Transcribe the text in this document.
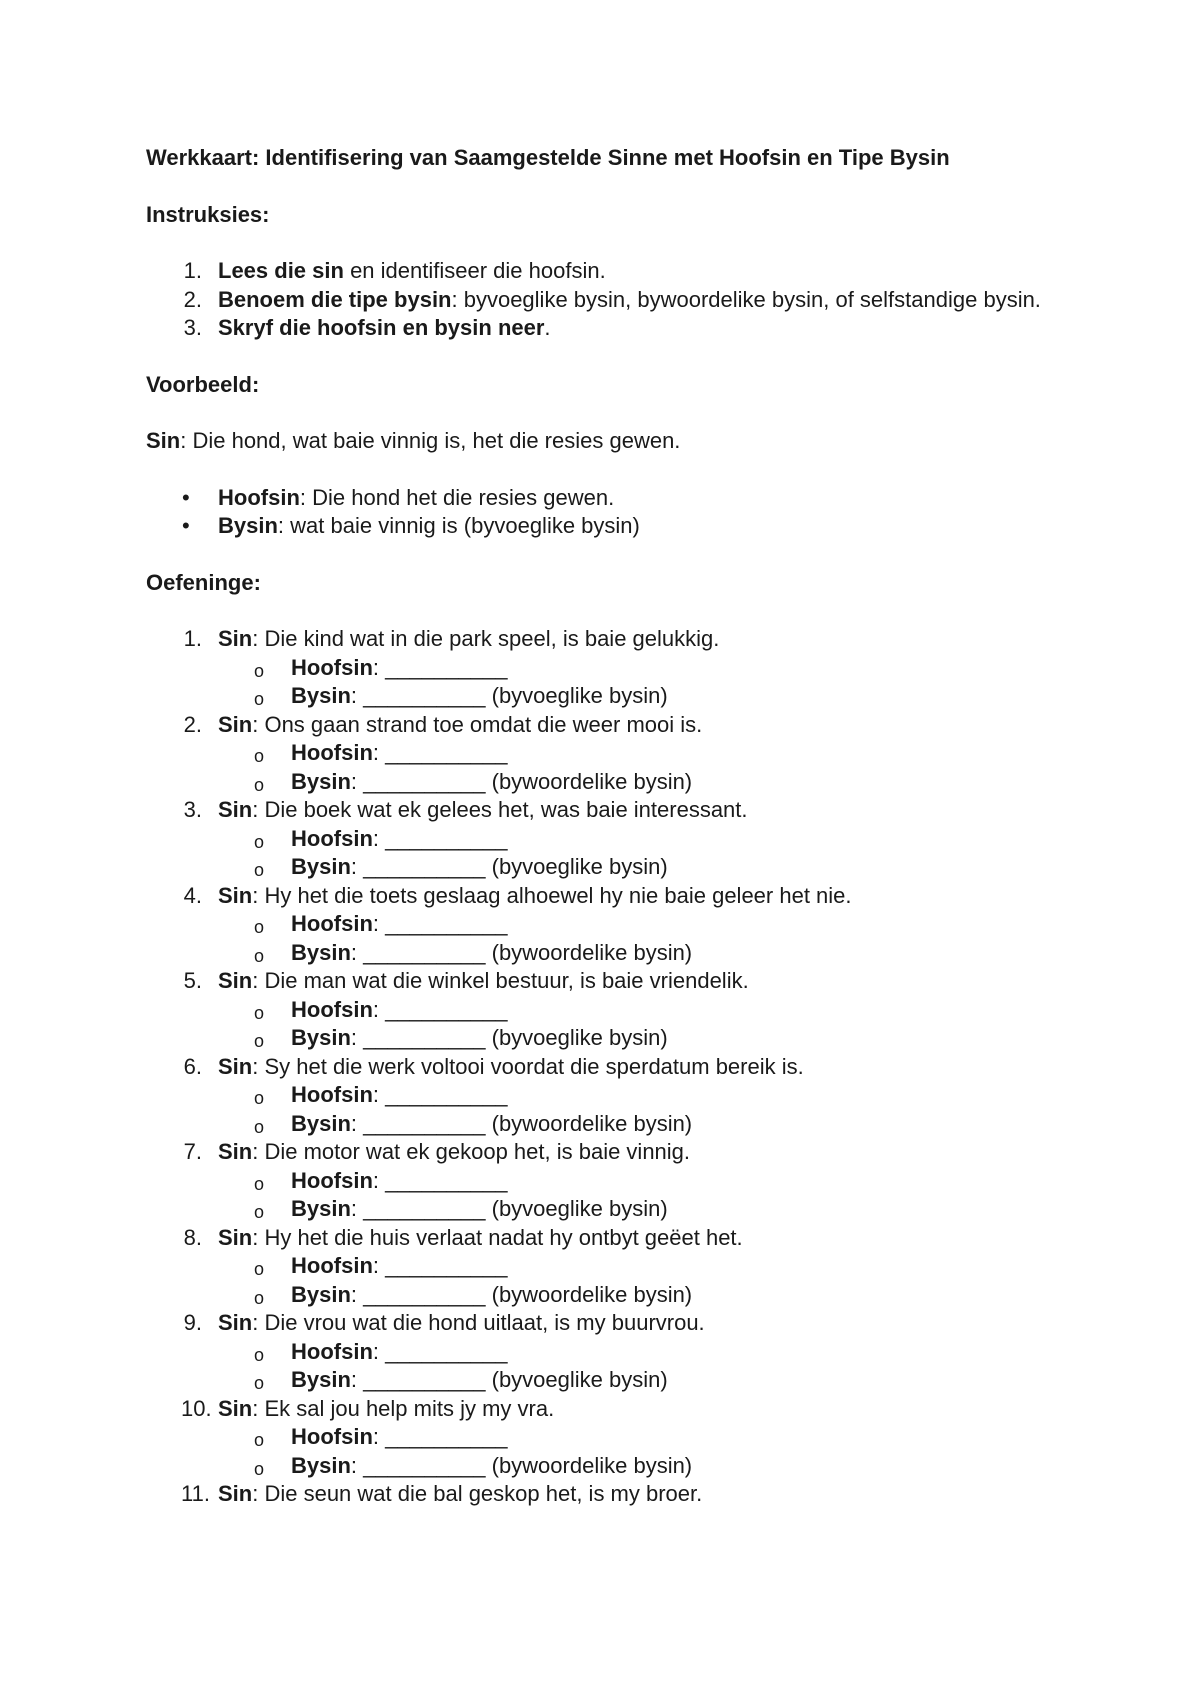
Werkkaart: Identifisering van Saamgestelde Sinne met Hoofsin en Tipe Bysin

Instruksies:

1. Lees die sin en identifiseer die hoofsin.
2. Benoem die tipe bysin: byvoeglike bysin, bywoordelike bysin, of selfstandige bysin.
3. Skryf die hoofsin en bysin neer.

Voorbeeld:

Sin: Die hond, wat baie vinnig is, het die resies gewen.

• Hoofsin: Die hond het die resies gewen.
• Bysin: wat baie vinnig is (byvoeglike bysin)

Oefeninge:

1. Sin: Die kind wat in die park speel, is baie gelukkig.
o Hoofsin: __________
o Bysin: __________ (byvoeglike bysin)
2. Sin: Ons gaan strand toe omdat die weer mooi is.
o Hoofsin: __________
o Bysin: __________ (bywoordelike bysin)
3. Sin: Die boek wat ek gelees het, was baie interessant.
o Hoofsin: __________
o Bysin: __________ (byvoeglike bysin)
4. Sin: Hy het die toets geslaag alhoewel hy nie baie geleer het nie.
o Hoofsin: __________
o Bysin: __________ (bywoordelike bysin)
5. Sin: Die man wat die winkel bestuur, is baie vriendelik.
o Hoofsin: __________
o Bysin: __________ (byvoeglike bysin)
6. Sin: Sy het die werk voltooi voordat die sperdatum bereik is.
o Hoofsin: __________
o Bysin: __________ (bywoordelike bysin)
7. Sin: Die motor wat ek gekoop het, is baie vinnig.
o Hoofsin: __________
o Bysin: __________ (byvoeglike bysin)
8. Sin: Hy het die huis verlaat nadat hy ontbyt geëet het.
o Hoofsin: __________
o Bysin: __________ (bywoordelike bysin)
9. Sin: Die vrou wat die hond uitlaat, is my buurvrou.
o Hoofsin: __________
o Bysin: __________ (byvoeglike bysin)
10. Sin: Ek sal jou help mits jy my vra.
o Hoofsin: __________
o Bysin: __________ (bywoordelike bysin)
11. Sin: Die seun wat die bal geskop het, is my broer.
